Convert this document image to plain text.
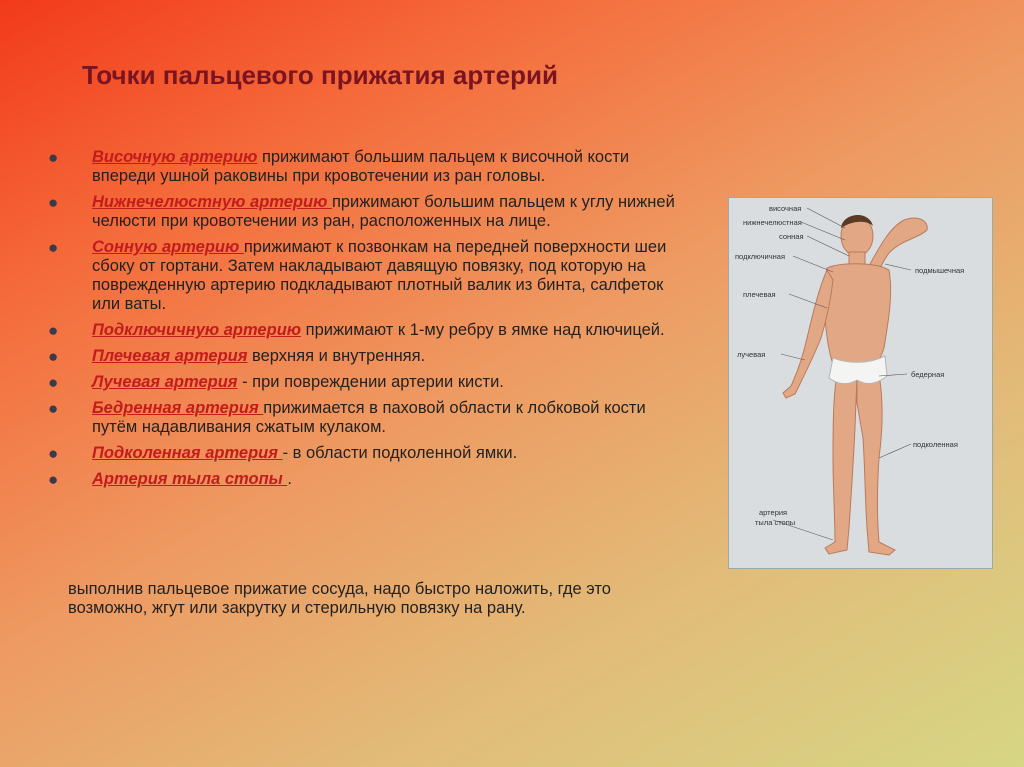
Точки пальцевого прижатия артерий
● Височную артерию прижимают большим пальцем к височной кости впереди ушной раковины при кровотечении из ран головы.
● Нижнечелюстную артерию прижимают большим пальцем к углу нижней челюсти при кровотечении из ран, расположенных на лице.
● Сонную артерию прижимают к позвонкам на передней поверхности шеи сбоку от гортани. Затем накладывают давящую повязку, под которую на поврежденную артерию подкладывают плотный валик из бинта, салфеток или ваты.
● Подключичную артерию прижимают к 1-му ребру в ямке над ключицей.
● Плечевая артерия верхняя и внутренняя.
● Лучевая артерия - при повреждении артерии кисти.
● Бедренная артерия прижимается в паховой области к лобковой кости путём надавливания сжатым кулаком.
● Подколенная артерия - в области подколенной ямки.
● Артерия тыла стопы .

выполнив пальцевое прижатие сосуда, надо быстро наложить, где это возможно, жгут или закрутку и стерильную повязку на рану.

височная
нижнечелюстная
сонная
подключичная
подмышечная
плечевая
лучевая
бедерная
подколенная
артерия
тыла стопы
